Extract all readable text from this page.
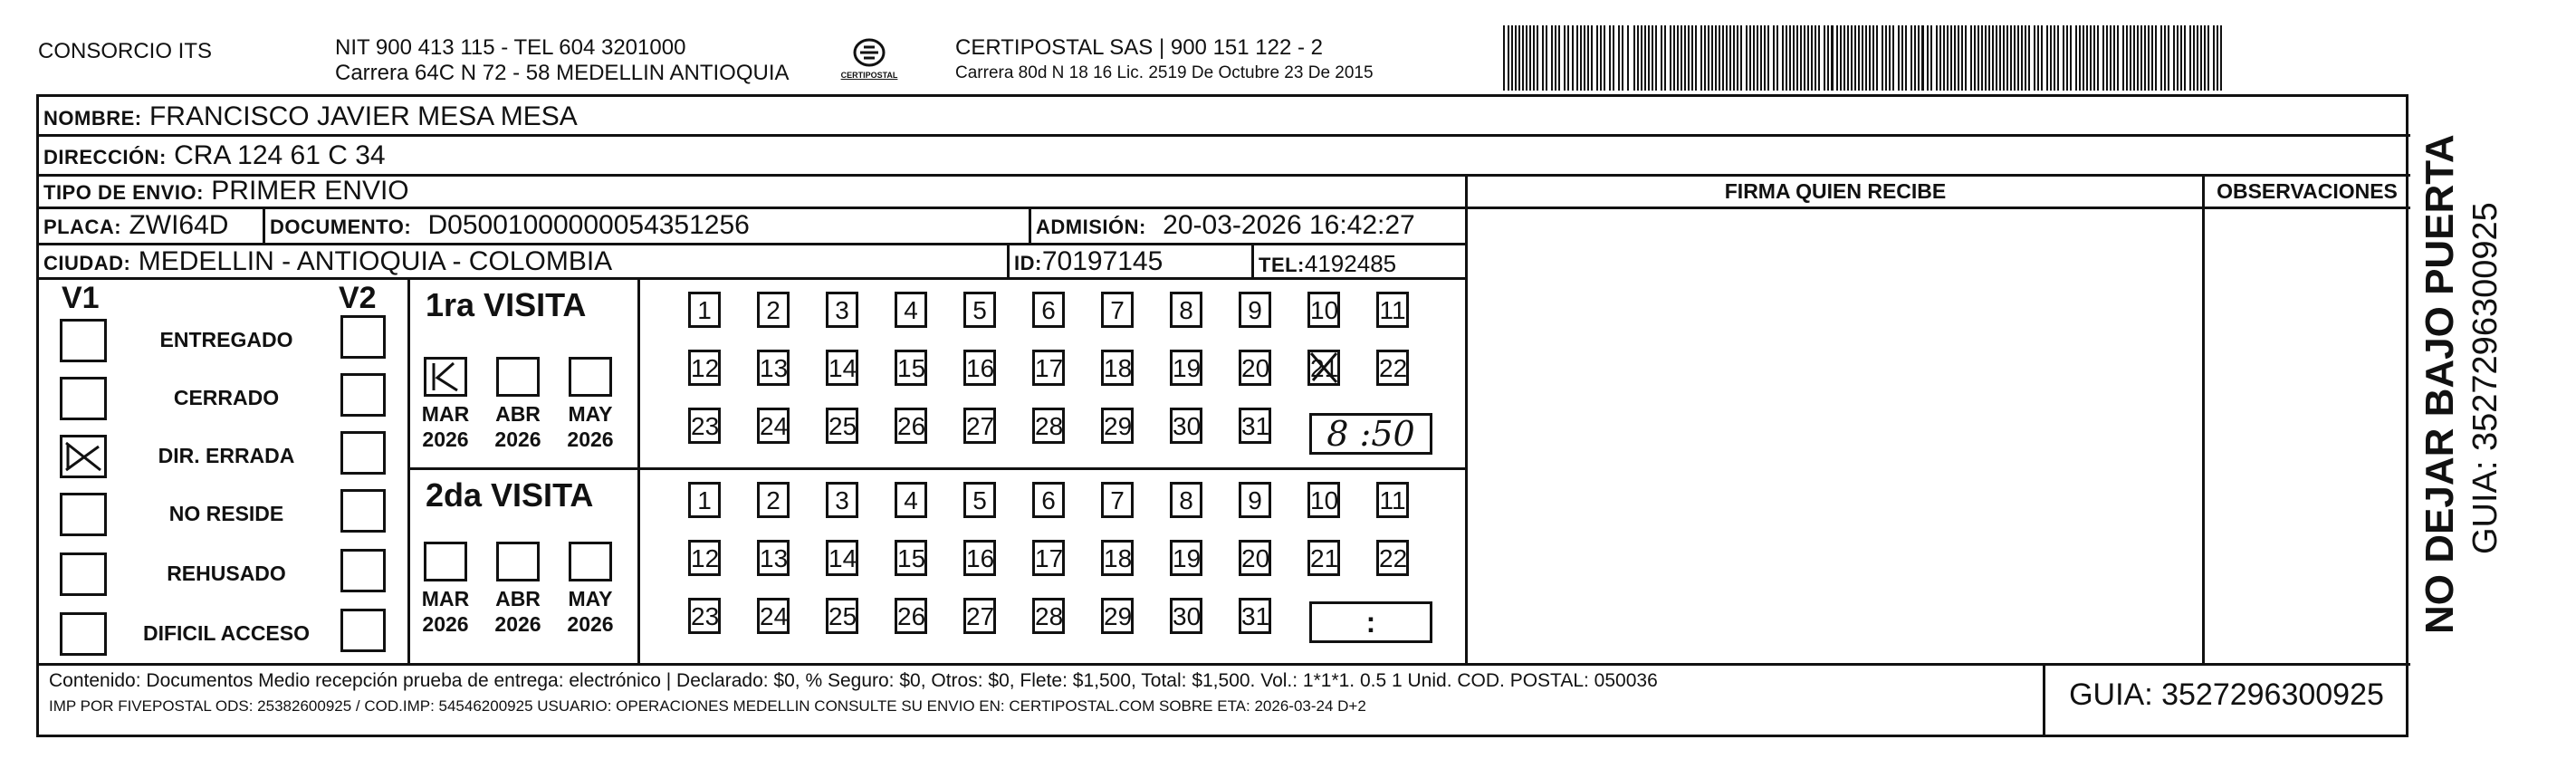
CONSORCIO ITS	NIT 900 413 115 - TEL 604 3201000
Carrera 64C N 72 - 58 MEDELLIN ANTIOQUIA	CERTIPOSTAL
CERTIPOSTAL SAS | 900 151 122 - 2
Carrera 80d N 18 16 Lic. 2519 De Octubre 23 De 2015
NOMBRE: FRANCISCO JAVIER MESA MESA
DIRECCIÓN: CRA 124 61 C 34
TIPO DE ENVIO: PRIMER ENVIO
PLACA: ZWI64D DOCUMENTO: D05001000000054351256	ADMISIÓN: 20-03-2026 16:42:27
CIUDAD: MEDELLIN - ANTIOQUIA - COLOMBIA	ID:70197145	TEL:4192485
FIRMA QUIEN RECIBE	OBSERVACIONES
V1	V2
ENTREGADO
CERRADO
DIR. ERRADA
NO RESIDE
REHUSADO
DIFICIL ACCESO
1ra VISITA
2da VISITA
MAR
2026
ABR
2026
MAY
2026
MAR
2026
ABR
2026
MAY
2026
1	2	3	4	5	6	7	8	9	10 11
12 13 14 15 16 17 18 19 20 21 22
23 24 25 26 27 28 29 30 31
1	2	3	4	5	6	7	8	9	10 11
12 13 14 15 16 17 18 19 20 21 22
23 24 25 26 27 28 29 30 31
8 :50
:
Contenido: Documentos Medio recepción prueba de entrega: electrónico | Declarado: $0, % Seguro: $0, Otros: $0, Flete: $1,500, Total: $1,500. Vol.: 1*1*1. 0.5 1 Unid. COD. POSTAL: 050036
IMP POR FIVEPOSTAL ODS: 25382600925 / COD.IMP: 54546200925 USUARIO: OPERACIONES MEDELLIN CONSULTE SU ENVIO EN: CERTIPOSTAL.COM SOBRE ETA: 2026-03-24 D+2	GUIA: 3527296300925
NO DEJAR BAJO PUERTA GUIA: 3527296300925
